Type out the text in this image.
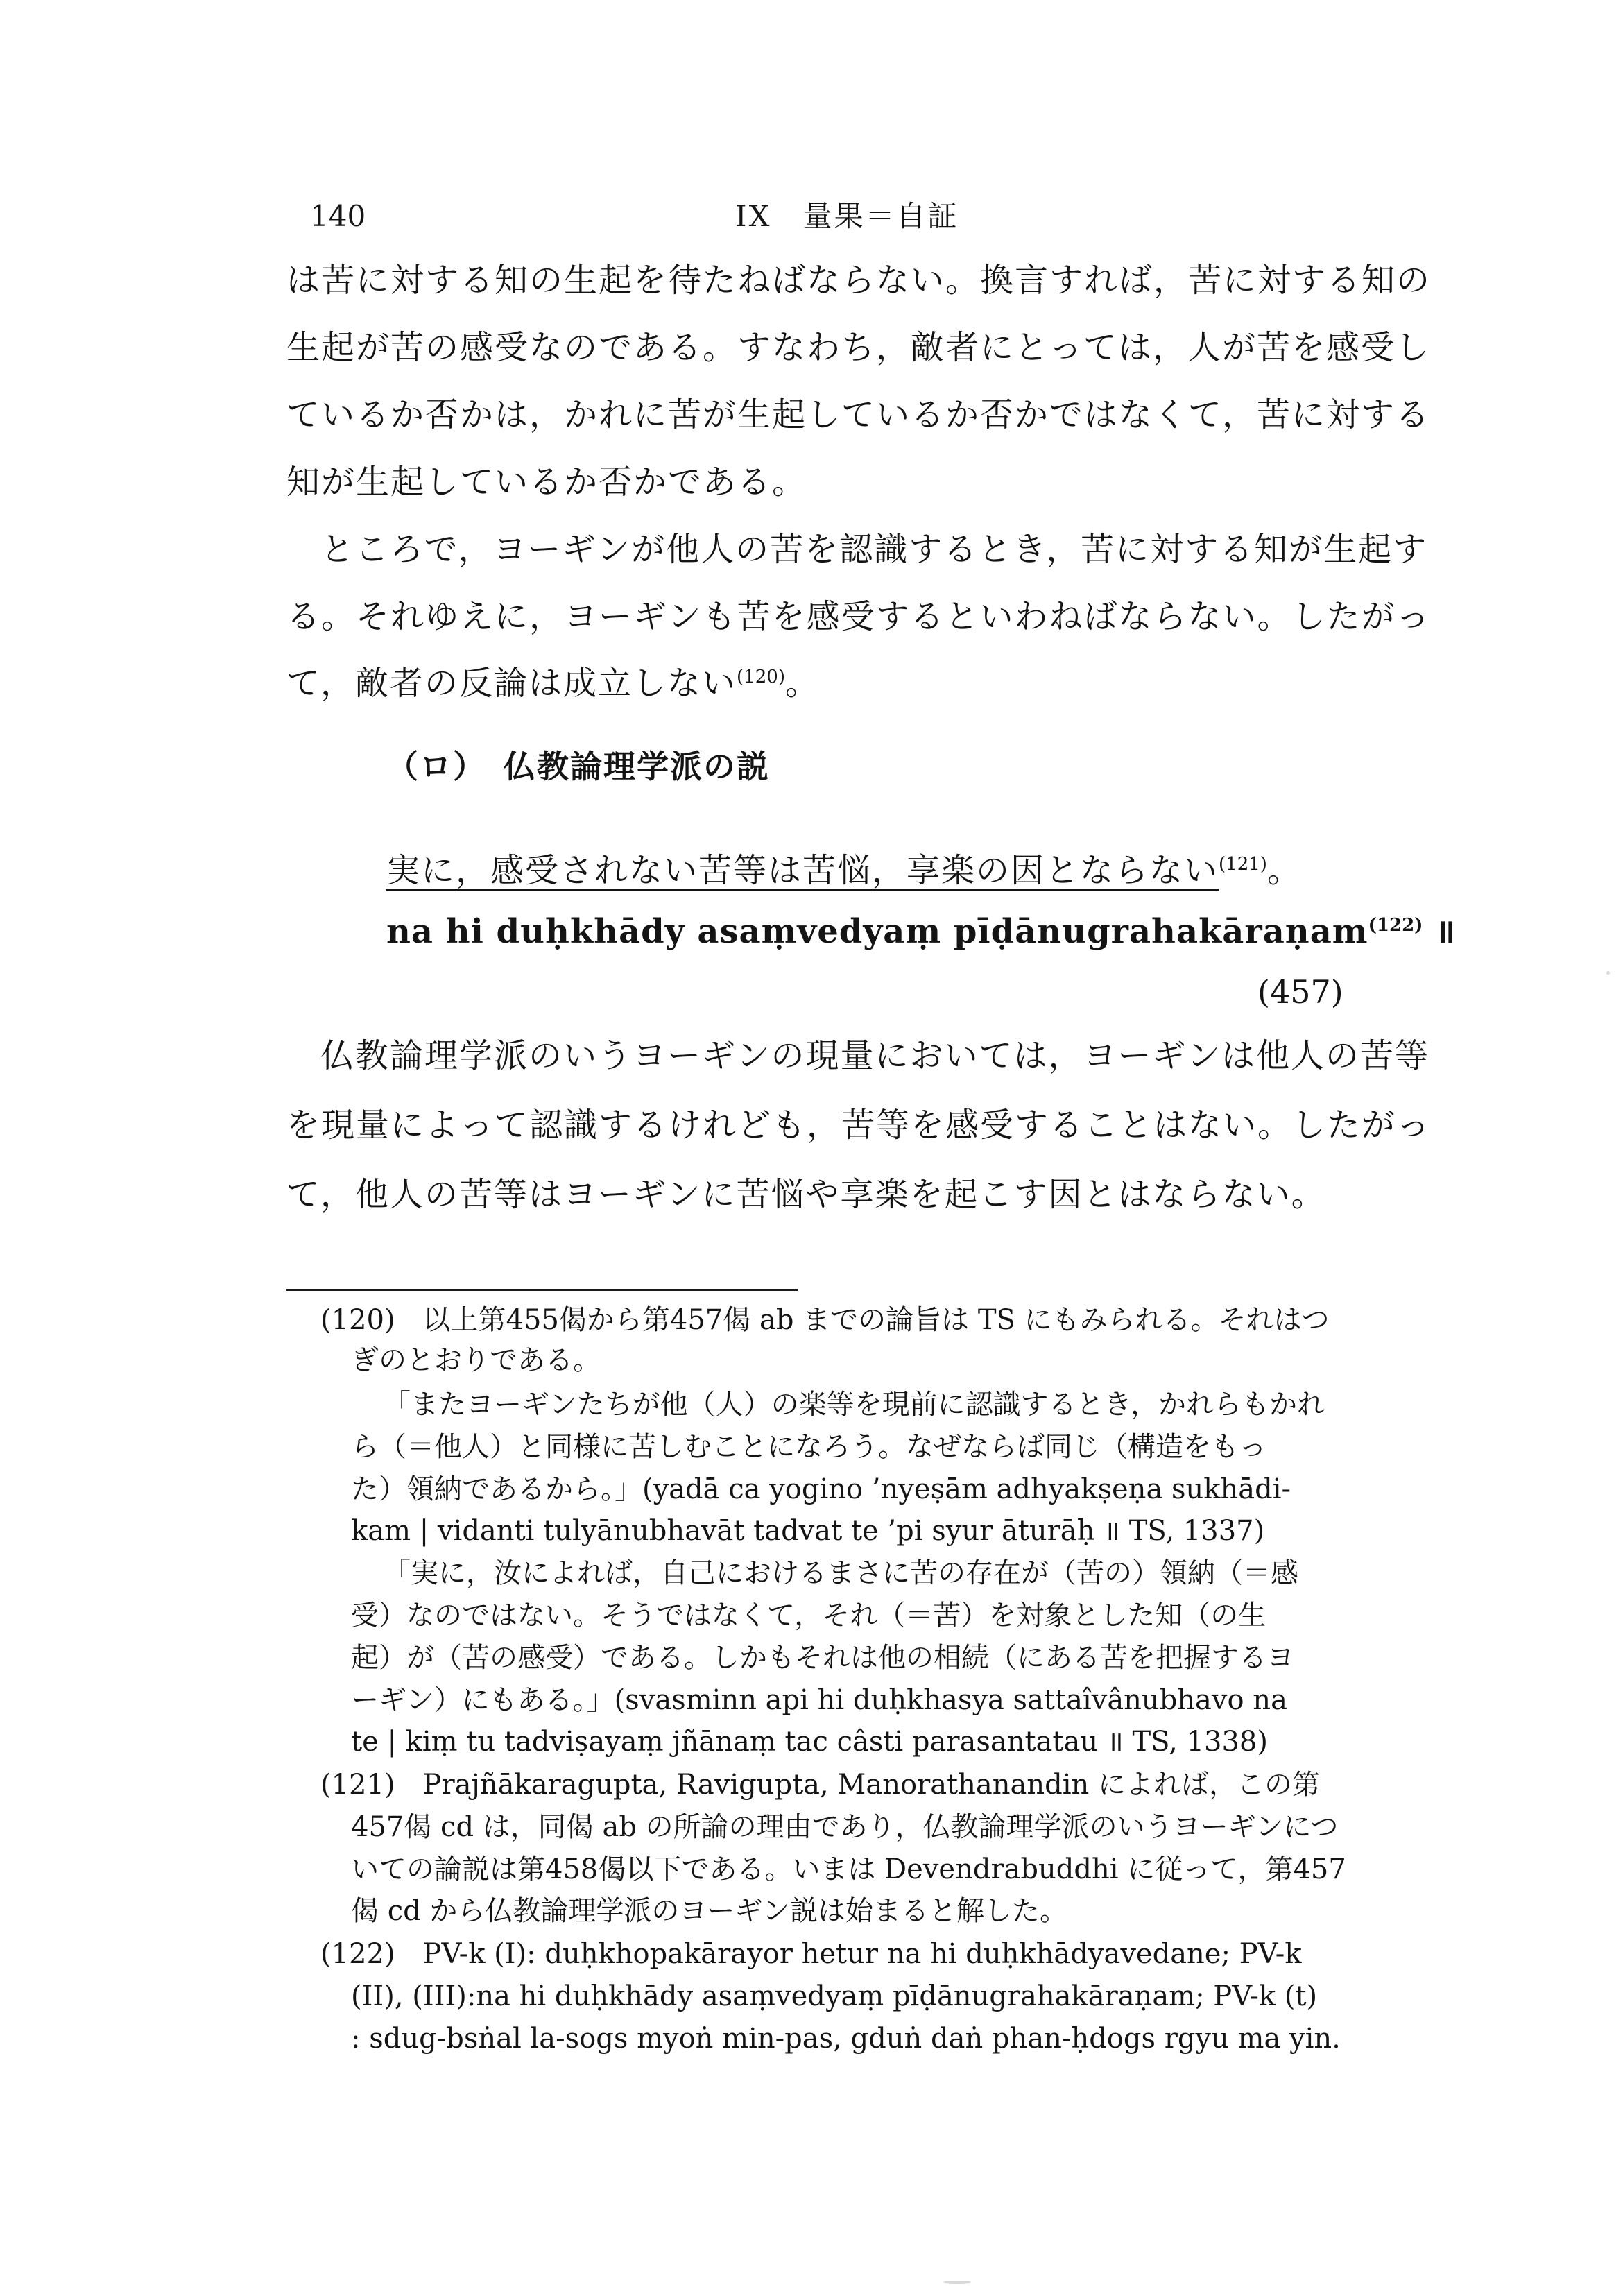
140	IX　量果＝自証
は苦に対する知の生起を待たねばならない。換言すれば，苦に対する知の
生起が苦の感受なのである。すなわち，敵者にとっては，人が苦を感受し
ているか否かは，かれに苦が生起しているか否かではなくて，苦に対する
知が生起しているか否かである。
ところで，ヨーギンが他人の苦を認識するとき，苦に対する知が生起す
る。それゆえに，ヨーギンも苦を感受するといわねばならない。したがっ
て，敵者の反論は成立しない$^{(120)}$。
（ロ）　仏教論理学派の説
実に，感受されない苦等は苦悩，享楽の因とならない$^{(121)}$。
na hi duḥkhādy asaṃvedyaṃ pīḍānugrahakāraṇam$^{(122)}$ ॥
(457)
仏教論理学派のいうヨーギンの現量においては，ヨーギンは他人の苦等
を現量によって認識するけれども，苦等を感受することはない。したがっ
て，他人の苦等はヨーギンに苦悩や享楽を起こす因とはならない。
(120)　以上第455偈から第457偈 ab までの論旨は TS にもみられる。それはつ
ぎのとおりである。
「またヨーギンたちが他（人）の楽等を現前に認識するとき，かれらもかれ
ら（＝他人）と同様に苦しむことになろう。なぜならば同じ（構造をもっ
た）領納であるから。」(yadā ca yogino ’nyeṣām adhyakṣeṇa sukhādi-
kam | vidanti tulyānubhavāt tadvat te ’pi syur āturāḥ ॥ TS, 1337)
「実に，汝によれば，自己におけるまさに苦の存在が（苦の）領納（＝感
受）なのではない。そうではなくて，それ（＝苦）を対象とした知（の生
起）が（苦の感受）である。しかもそれは他の相続（にある苦を把握するヨ
ーギン）にもある。」(svasminn api hi duḥkhasya sattaîvânubhavo na
te | kiṃ tu tadviṣayaṃ jñānaṃ tac câsti parasantatau ॥ TS, 1338)
(121)　Prajñākaragupta, Ravigupta, Manorathanandin によれば，この第
457偈 cd は，同偈 ab の所論の理由であり，仏教論理学派のいうヨーギンにつ
いての論説は第458偈以下である。いまは Devendrabuddhi に従って，第457
偈 cd から仏教論理学派のヨーギン説は始まると解した。
(122)　PV-k (I): duḥkhopakārayor hetur na hi duḥkhādyavedane; PV-k
(II), (III):na hi duḥkhādy asaṃvedyaṃ pīḍānugrahakāraṇam; PV-k (t)
: sdug-bsṅal la-sogs myoṅ min-pas, gduṅ daṅ phan-ḥdogs rgyu ma yin.
